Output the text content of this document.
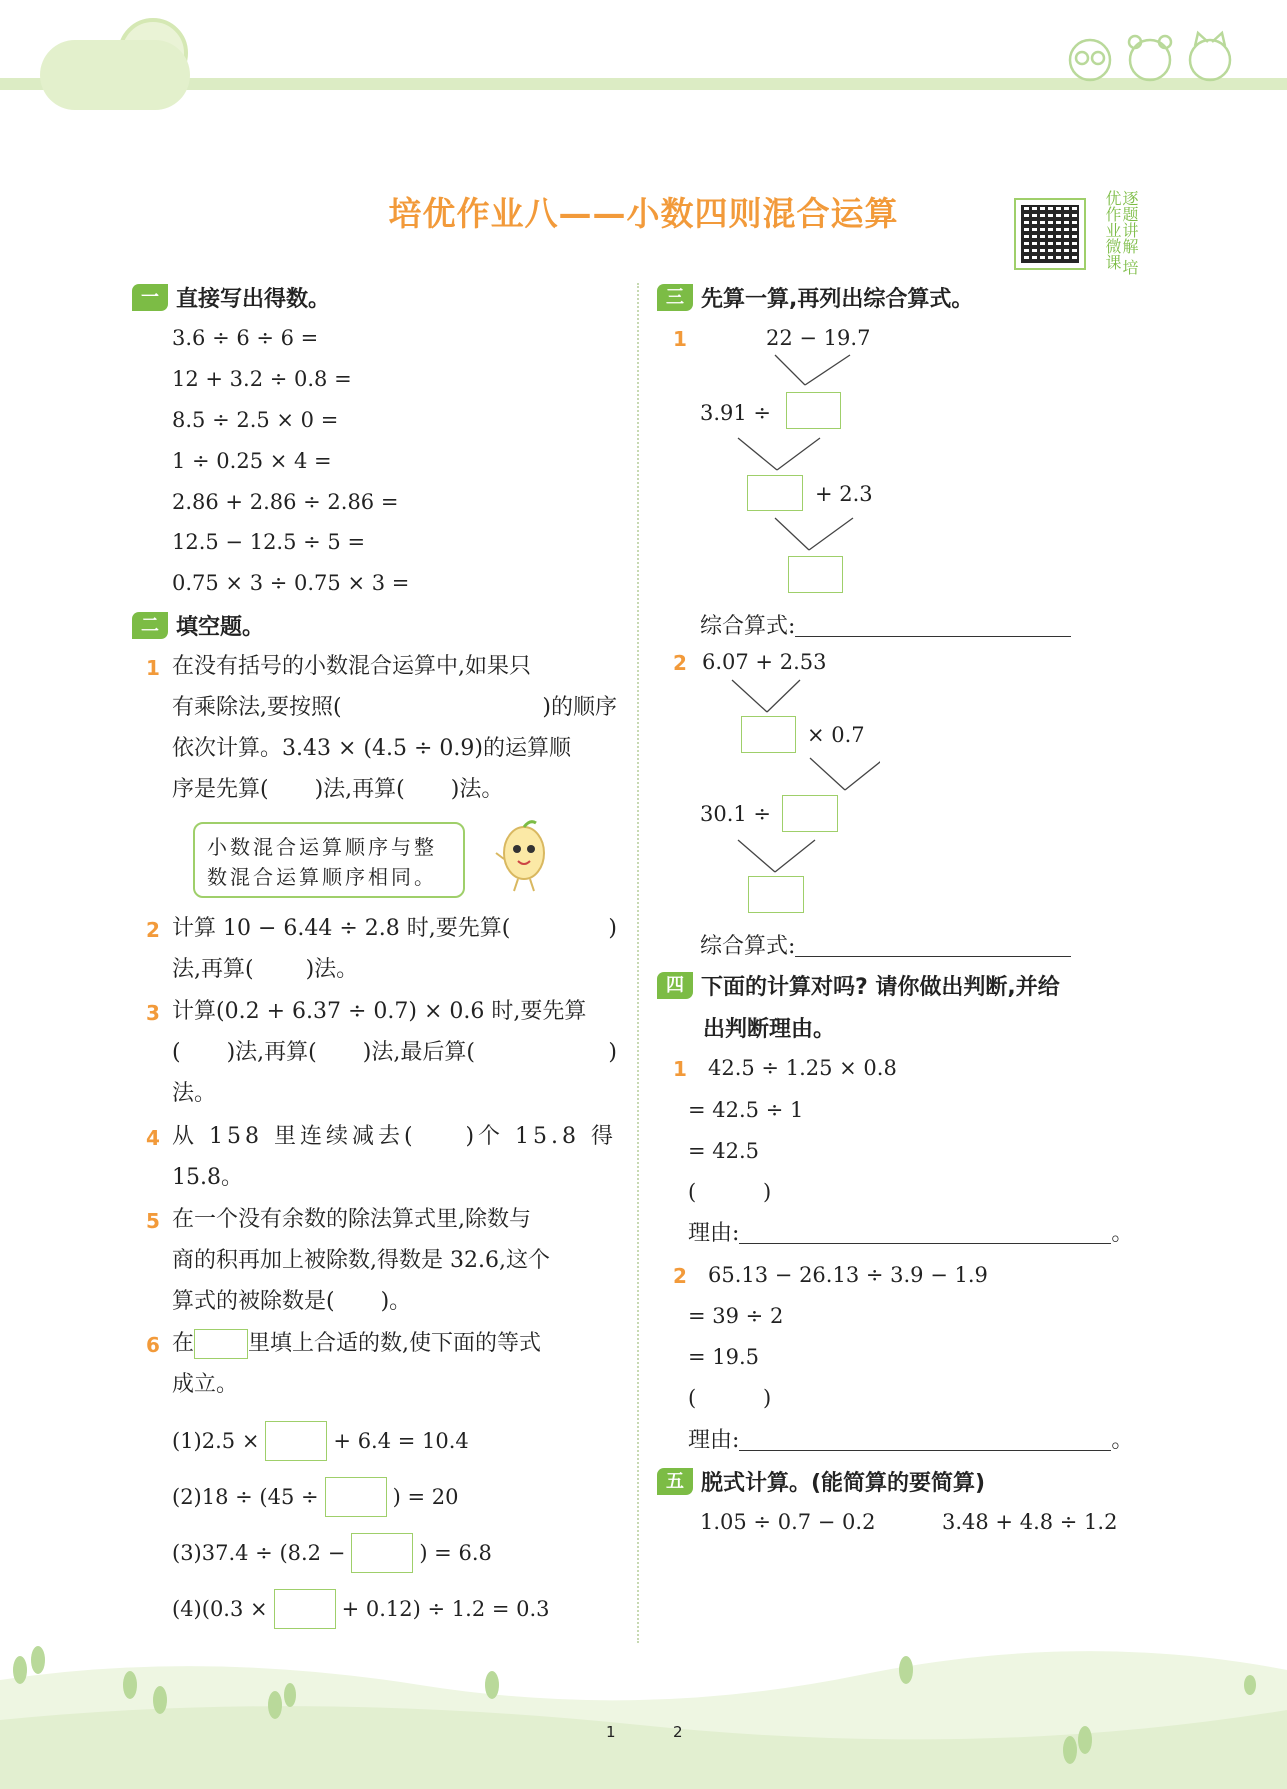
培优作业八——小数四则混合运算	逐题讲解 培优作业微课
一 直接写出得数。
3.6 ÷ 6 ÷ 6 =
12 + 3.2 ÷ 0.8 =
8.5 ÷ 2.5 × 0 =
1 ÷ 0.25 × 4 =
2.86 + 2.86 ÷ 2.86 =
12.5 − 12.5 ÷ 5 =
0.75 × 3 ÷ 0.75 × 3 =
二 填空题。
1 在没有括号的小数混合运算中,如果只
有乘除法,要按照(	)的顺序
依次计算。3.43 × (4.5 ÷ 0.9)的运算顺
序是先算( )法,再算( )法。
小数混合运算顺序与整
数混合运算顺序相同。
2 计算 10 − 6.44 ÷ 2.8 时,要先算(	)
法,再算( )法。
3 计算(0.2 + 6.37 ÷ 0.7) × 0.6 时,要先算
( )法,再算( )法,最后算(	)
法。
4 从 158 里连续减去( )个 15.8 得
15.8。
5 在一个没有余数的除法算式里,除数与
商的积再加上被除数,得数是 32.6,这个
算式的被除数是( )。
6 在 里填上合适的数,使下面的等式
成立。
(1)2.5 ×	+ 6.4 = 10.4
(2)18 ÷ (45 ÷	) = 20
(3)37.4 ÷ (8.2 −	) = 6.8
(4)(0.3 ×	+ 0.12) ÷ 1.2 = 0.3
三 先算一算,再列出综合算式。
1	22 − 19.7
3.91 ÷
+ 2.3
综合算式:
2 6.07 + 2.53
× 0.7
30.1 ÷
综合算式:
四 下面的计算对吗? 请你做出判断,并给
出判断理由。
1 42.5 ÷ 1.25 × 0.8
= 42.5 ÷ 1
= 42.5
(          )
理由:	。
2 65.13 − 26.13 ÷ 3.9 − 1.9
= 39 ÷ 2
= 19.5
(          )
理由:	。
五 脱式计算。(能简算的要简算)
1.05 ÷ 0.7 − 0.2	3.48 + 4.8 ÷ 1.2
1	2
